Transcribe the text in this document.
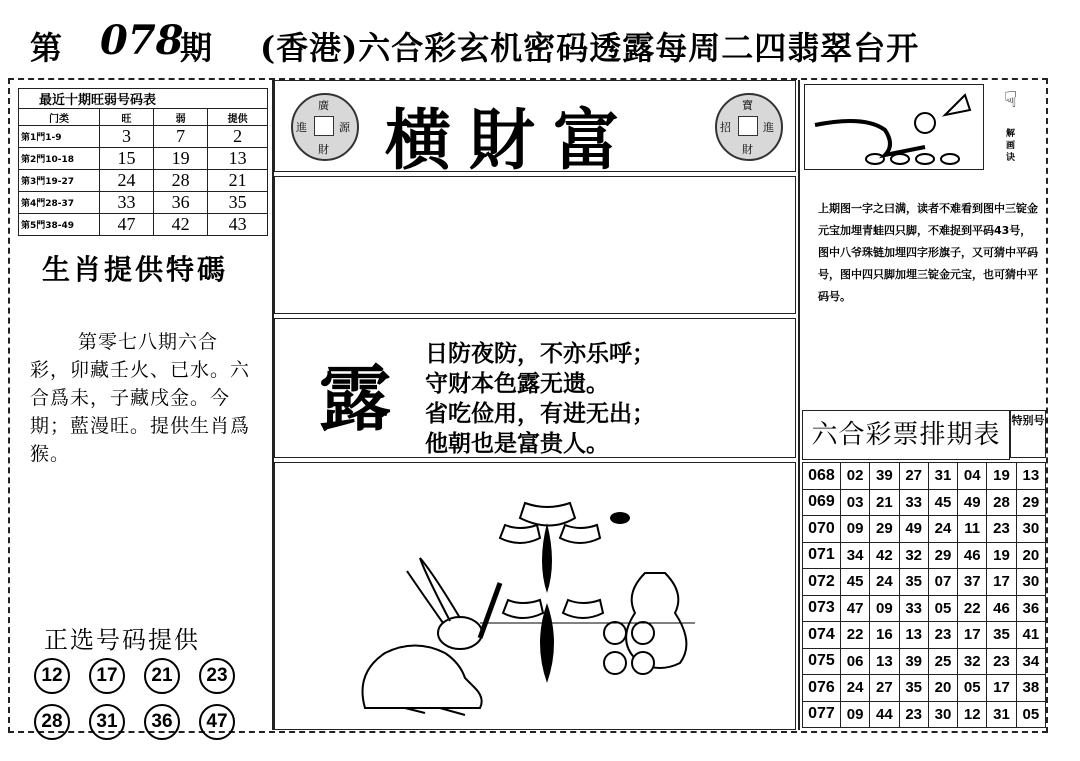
第 078
期 (香港)六合彩玄机密码透露每周二四翡翠台开
最近十期旺弱号码表
门类	旺	弱	提供
第1門1-9	3	7	2
第2門10-18	15	19	13
第3門19-27	24	28	21
第4門28-37	33	36	35
第5門38-49	47	42	43
生肖提供特碼
第零七八期六合彩，卯藏壬火、已水。六合爲未，子藏戌金。今期；藍漫旺。提供生肖爲猴。
正选号码提供
12	17	21	23
28	31	36	47
廣
進	源
財 横財富	寶
招	進
財
露
日防夜防，不亦乐呼；
守财本色露无遗。
省吃俭用，有进无出；
他朝也是富贵人。
☟
解画诀
上期图一字之曰满，读者不难看到图中三锭金元宝加埋青蛙四只脚，不难捉到平码43号，图中八爷珠链加埋四字形旗子，又可猜中平码号，图中四只脚加埋三锭金元宝，也可猜中平码号。
六合彩票排期表	特别号
068	02	39	27	31	04	19	13
069	03	21	33	45	49	28	29
070	09	29	49	24	11	23	30
071	34	42	32	29	46	19	20
072	45	24	35	07	37	17	30
073	47	09	33	05	22	46	36
074	22	16	13	23	17	35	41
075	06	13	39	25	32	23	34
076	24	27	35	20	05	17	38
077	09	44	23	30	12	31	05
